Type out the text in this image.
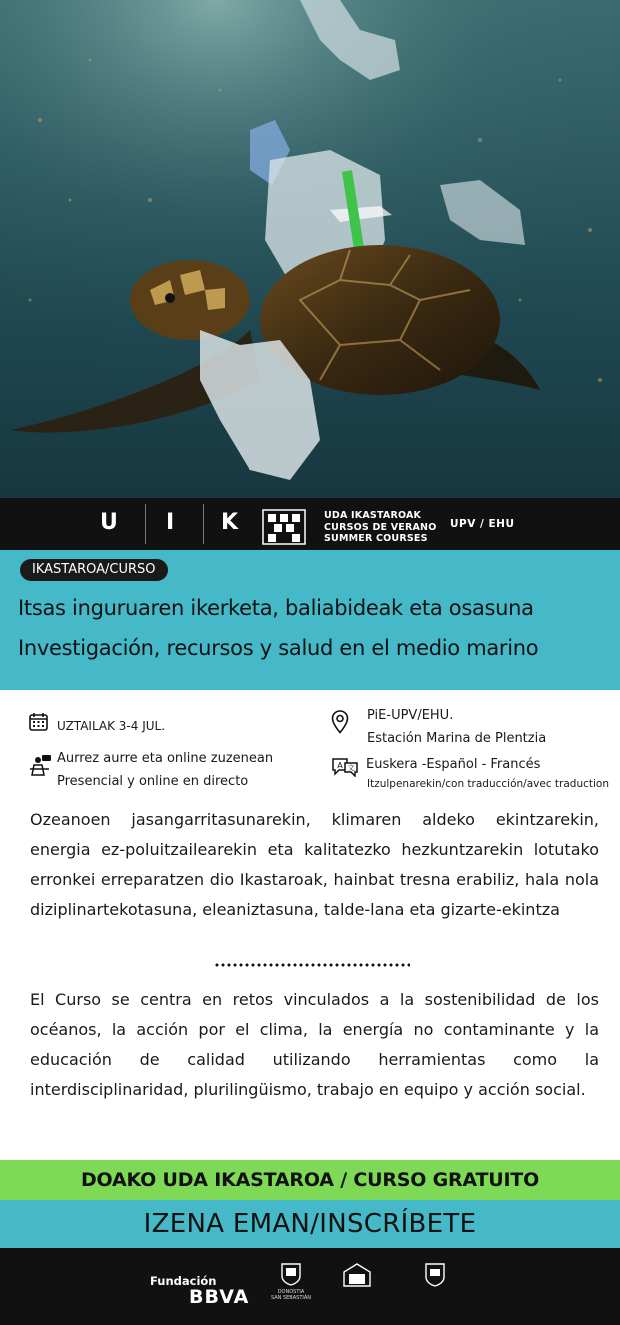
U I K	UDA IKASTAROAK
CURSOS DE VERANO
SUMMER COURSES
UPV / EHU
IKASTAROA/CURSO
Itsas inguruaren ikerketa, baliabideak eta osasuna
Investigación, recursos y salud en el medio marino
UZTAILAK 3-4 JUL.
Aurrez aurre eta online zuzenean
Presencial y online en directo
PiE-UPV/EHU.
Estación Marina de Plentzia
A 文 Euskera -Español - Francés
Itzulpenarekin/con traducción/avec traduction

Ozeanoen jasangarritasunarekin, klimaren aldeko ekintzarekin, energia ez-poluitzailearekin eta kalitatezko hezkuntzarekin lotutako erronkei erreparatzen dio Ikastaroak, hainbat tresna erabiliz, hala nola diziplinartekotasuna, eleaniztasuna, talde-lana eta gizarte-ekintza

El Curso se centra en retos vinculados a la sostenibilidad de los océanos, la acción por el clima, la energía no contaminante y la educación de calidad utilizando herramientas como la interdisciplinaridad, plurilingüismo, trabajo en equipo y acción social.

DOAKO UDA IKASTAROA / CURSO GRATUITO
IZENA EMAN/INSCRÍBETE
Fundación
BBVA	DONOSTIA
SAN SEBASTIÁN
